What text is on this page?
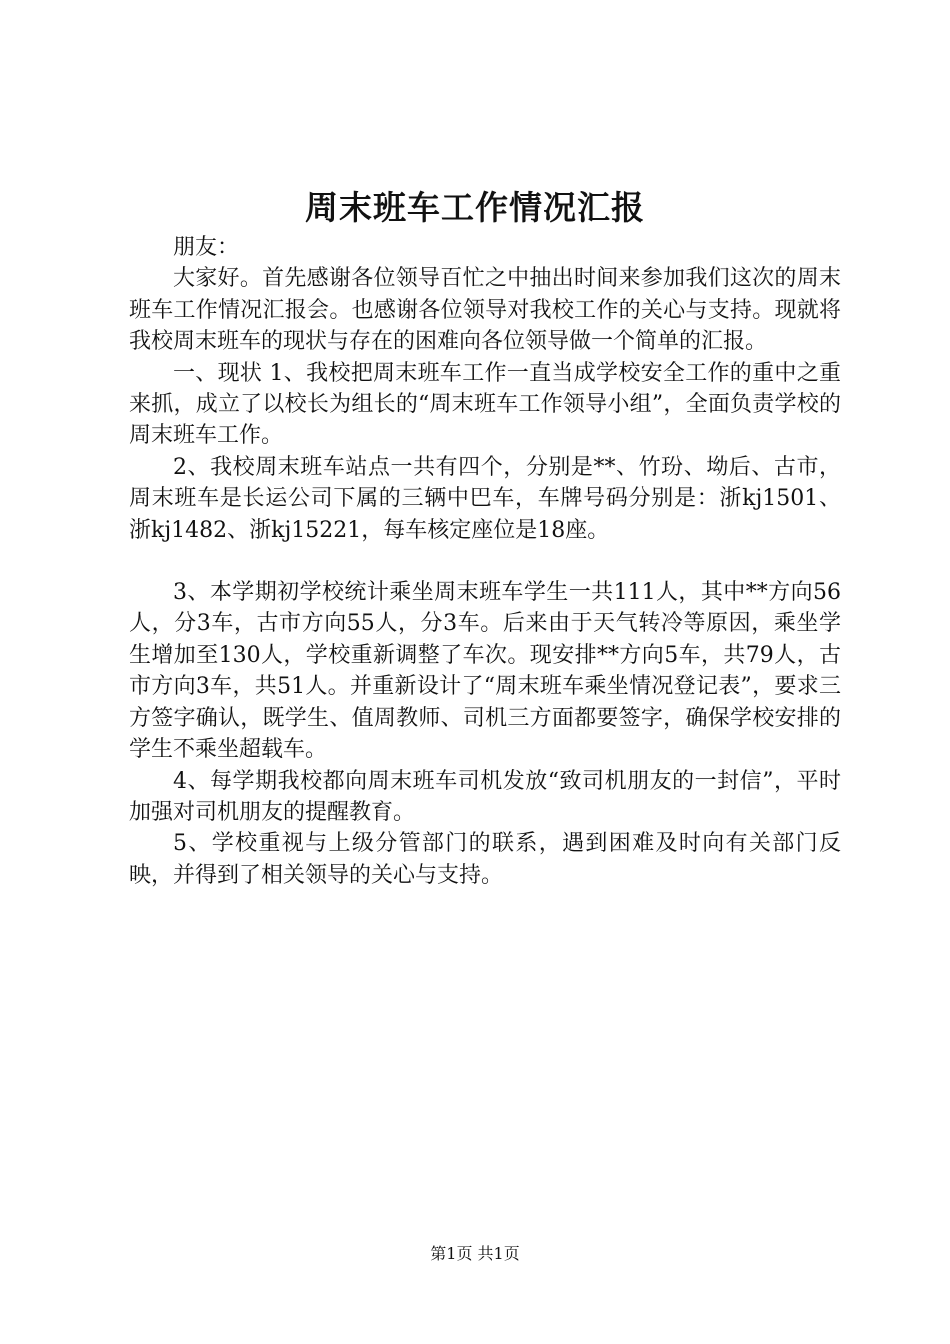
周末班车工作情况汇报

朋友：

大家好。首先感谢各位领导百忙之中抽出时间来参加我们这次的周末班车工作情况汇报会。也感谢各位领导对我校工作的关心与支持。现就将我校周末班车的现状与存在的困难向各位领导做一个简单的汇报。

一、现状 1、我校把周末班车工作一直当成学校安全工作的重中之重来抓，成立了以校长为组长的“周末班车工作领导小组”，全面负责学校的周末班车工作。

2、我校周末班车站点一共有四个，分别是**、竹玢、坳后、古市，周末班车是长运公司下属的三辆中巴车，车牌号码分别是：浙kj1501、浙kj1482、浙kj15221，每车核定座位是18座。

3、本学期初学校统计乘坐周末班车学生一共111人，其中**方向56人，分3车，古市方向55人，分3车。后来由于天气转冷等原因，乘坐学生增加至130人，学校重新调整了车次。现安排**方向5车，共79人，古市方向3车，共51人。并重新设计了“周末班车乘坐情况登记表”，要求三方签字确认，既学生、值周教师、司机三方面都要签字，确保学校安排的学生不乘坐超载车。

4、每学期我校都向周末班车司机发放“致司机朋友的一封信”，平时加强对司机朋友的提醒教育。

5、学校重视与上级分管部门的联系，遇到困难及时向有关部门反映，并得到了相关领导的关心与支持。

第1页 共1页
